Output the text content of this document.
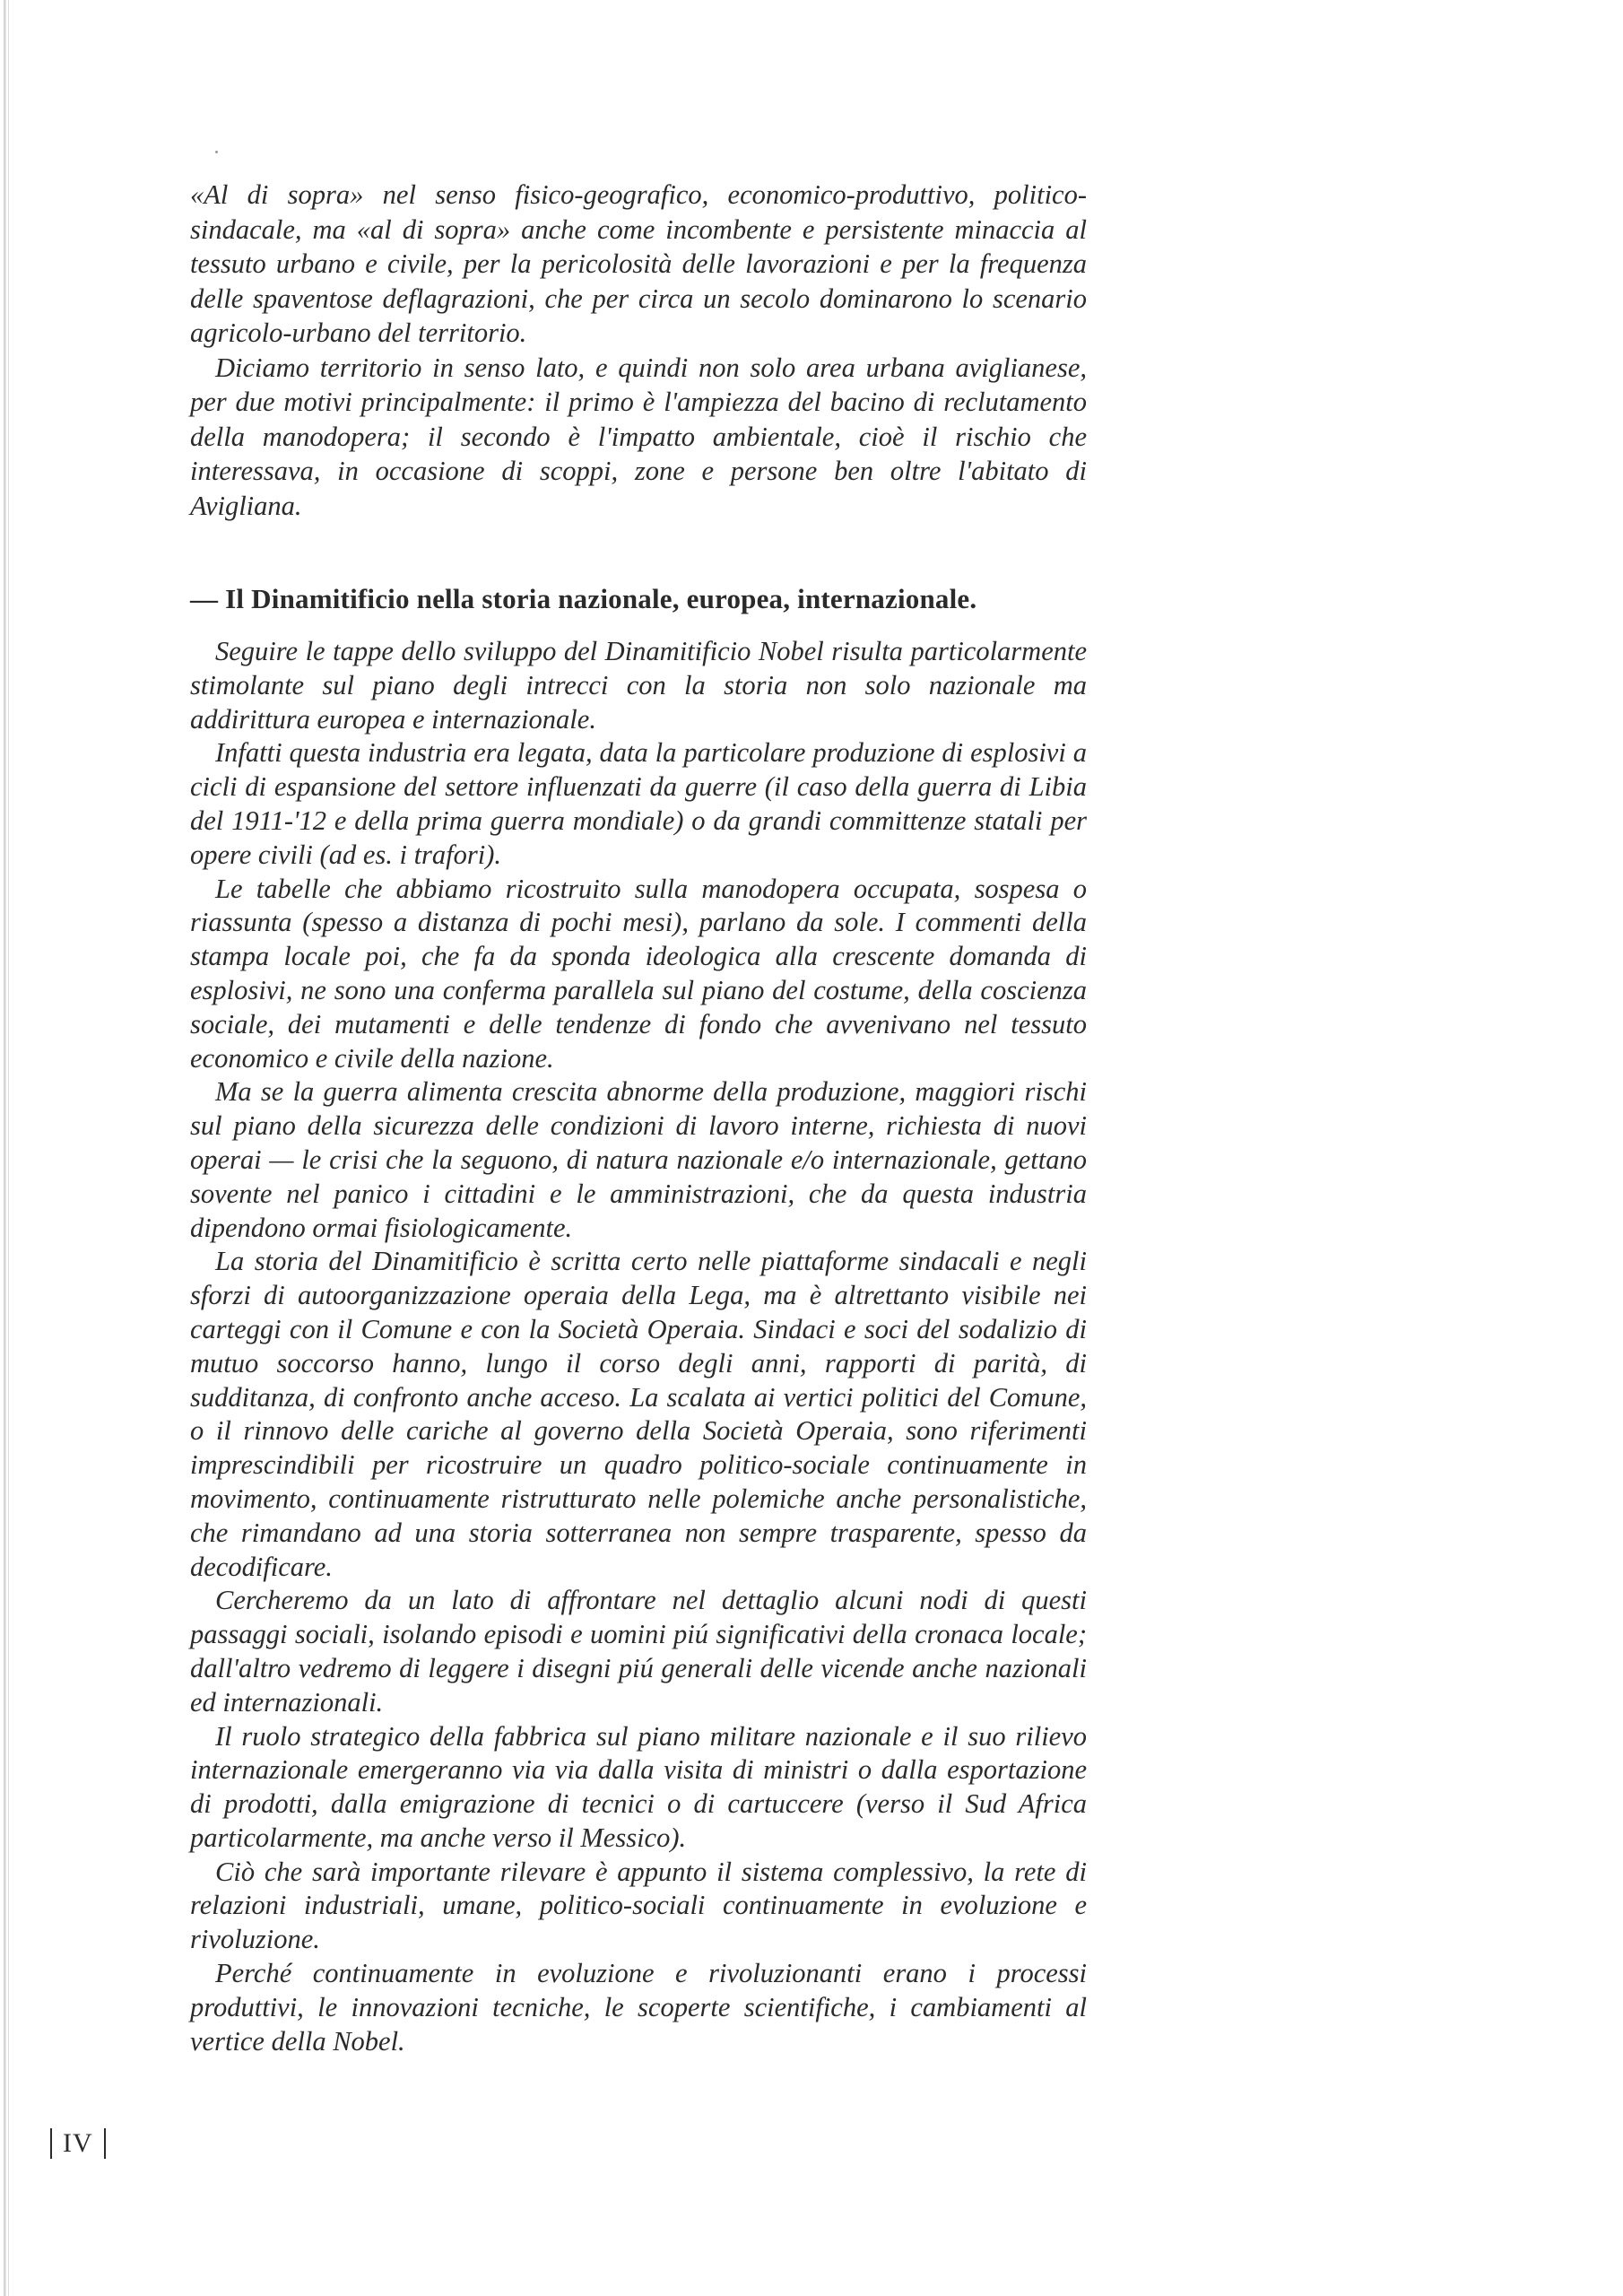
«Al di sopra» nel senso fisico-geografico, economico-produttivo, politico-sindacale, ma «al di sopra» anche come incombente e persistente minaccia al tessuto urbano e civile, per la pericolosità delle lavorazioni e per la frequenza delle spaventose deflagrazioni, che per circa un secolo dominarono lo scenario agricolo-urbano del territorio.

Diciamo territorio in senso lato, e quindi non solo area urbana aviglianese, per due motivi principalmente: il primo è l'ampiezza del bacino di reclutamento della manodopera; il secondo è l'impatto ambientale, cioè il rischio che interessava, in occasione di scoppi, zone e persone ben oltre l'abitato di Avigliana.

— Il Dinamitificio nella storia nazionale, europea, internazionale.

Seguire le tappe dello sviluppo del Dinamitificio Nobel risulta particolarmente stimolante sul piano degli intrecci con la storia non solo nazionale ma addirittura europea e internazionale.

Infatti questa industria era legata, data la particolare produzione di esplosivi a cicli di espansione del settore influenzati da guerre (il caso della guerra di Libia del 1911-'12 e della prima guerra mondiale) o da grandi committenze statali per opere civili (ad es. i trafori).

Le tabelle che abbiamo ricostruito sulla manodopera occupata, sospesa o riassunta (spesso a distanza di pochi mesi), parlano da sole. I commenti della stampa locale poi, che fa da sponda ideologica alla crescente domanda di esplosivi, ne sono una conferma parallela sul piano del costume, della coscienza sociale, dei mutamenti e delle tendenze di fondo che avvenivano nel tessuto economico e civile della nazione.

Ma se la guerra alimenta crescita abnorme della produzione, maggiori rischi sul piano della sicurezza delle condizioni di lavoro interne, richiesta di nuovi operai — le crisi che la seguono, di natura nazionale e/o internazionale, gettano sovente nel panico i cittadini e le amministrazioni, che da questa industria dipendono ormai fisiologicamente.

La storia del Dinamitificio è scritta certo nelle piattaforme sindacali e negli sforzi di autoorganizzazione operaia della Lega, ma è altrettanto visibile nei carteggi con il Comune e con la Società Operaia. Sindaci e soci del sodalizio di mutuo soccorso hanno, lungo il corso degli anni, rapporti di parità, di sudditanza, di confronto anche acceso. La scalata ai vertici politici del Comune, o il rinnovo delle cariche al governo della Società Operaia, sono riferimenti imprescindibili per ricostruire un quadro politico-sociale continuamente in movimento, continuamente ristrutturato nelle polemiche anche personalistiche, che rimandano ad una storia sotterranea non sempre trasparente, spesso da decodificare.

Cercheremo da un lato di affrontare nel dettaglio alcuni nodi di questi passaggi sociali, isolando episodi e uomini piú significativi della cronaca locale; dall'altro vedremo di leggere i disegni piú generali delle vicende anche nazionali ed internazionali.

Il ruolo strategico della fabbrica sul piano militare nazionale e il suo rilievo internazionale emergeranno via via dalla visita di ministri o dalla esportazione di prodotti, dalla emigrazione di tecnici o di cartuccere (verso il Sud Africa particolarmente, ma anche verso il Messico).

Ciò che sarà importante rilevare è appunto il sistema complessivo, la rete di relazioni industriali, umane, politico-sociali continuamente in evoluzione e rivoluzione.

Perché continuamente in evoluzione e rivoluzionanti erano i processi produttivi, le innovazioni tecniche, le scoperte scientifiche, i cambiamenti al vertice della Nobel.

IV
